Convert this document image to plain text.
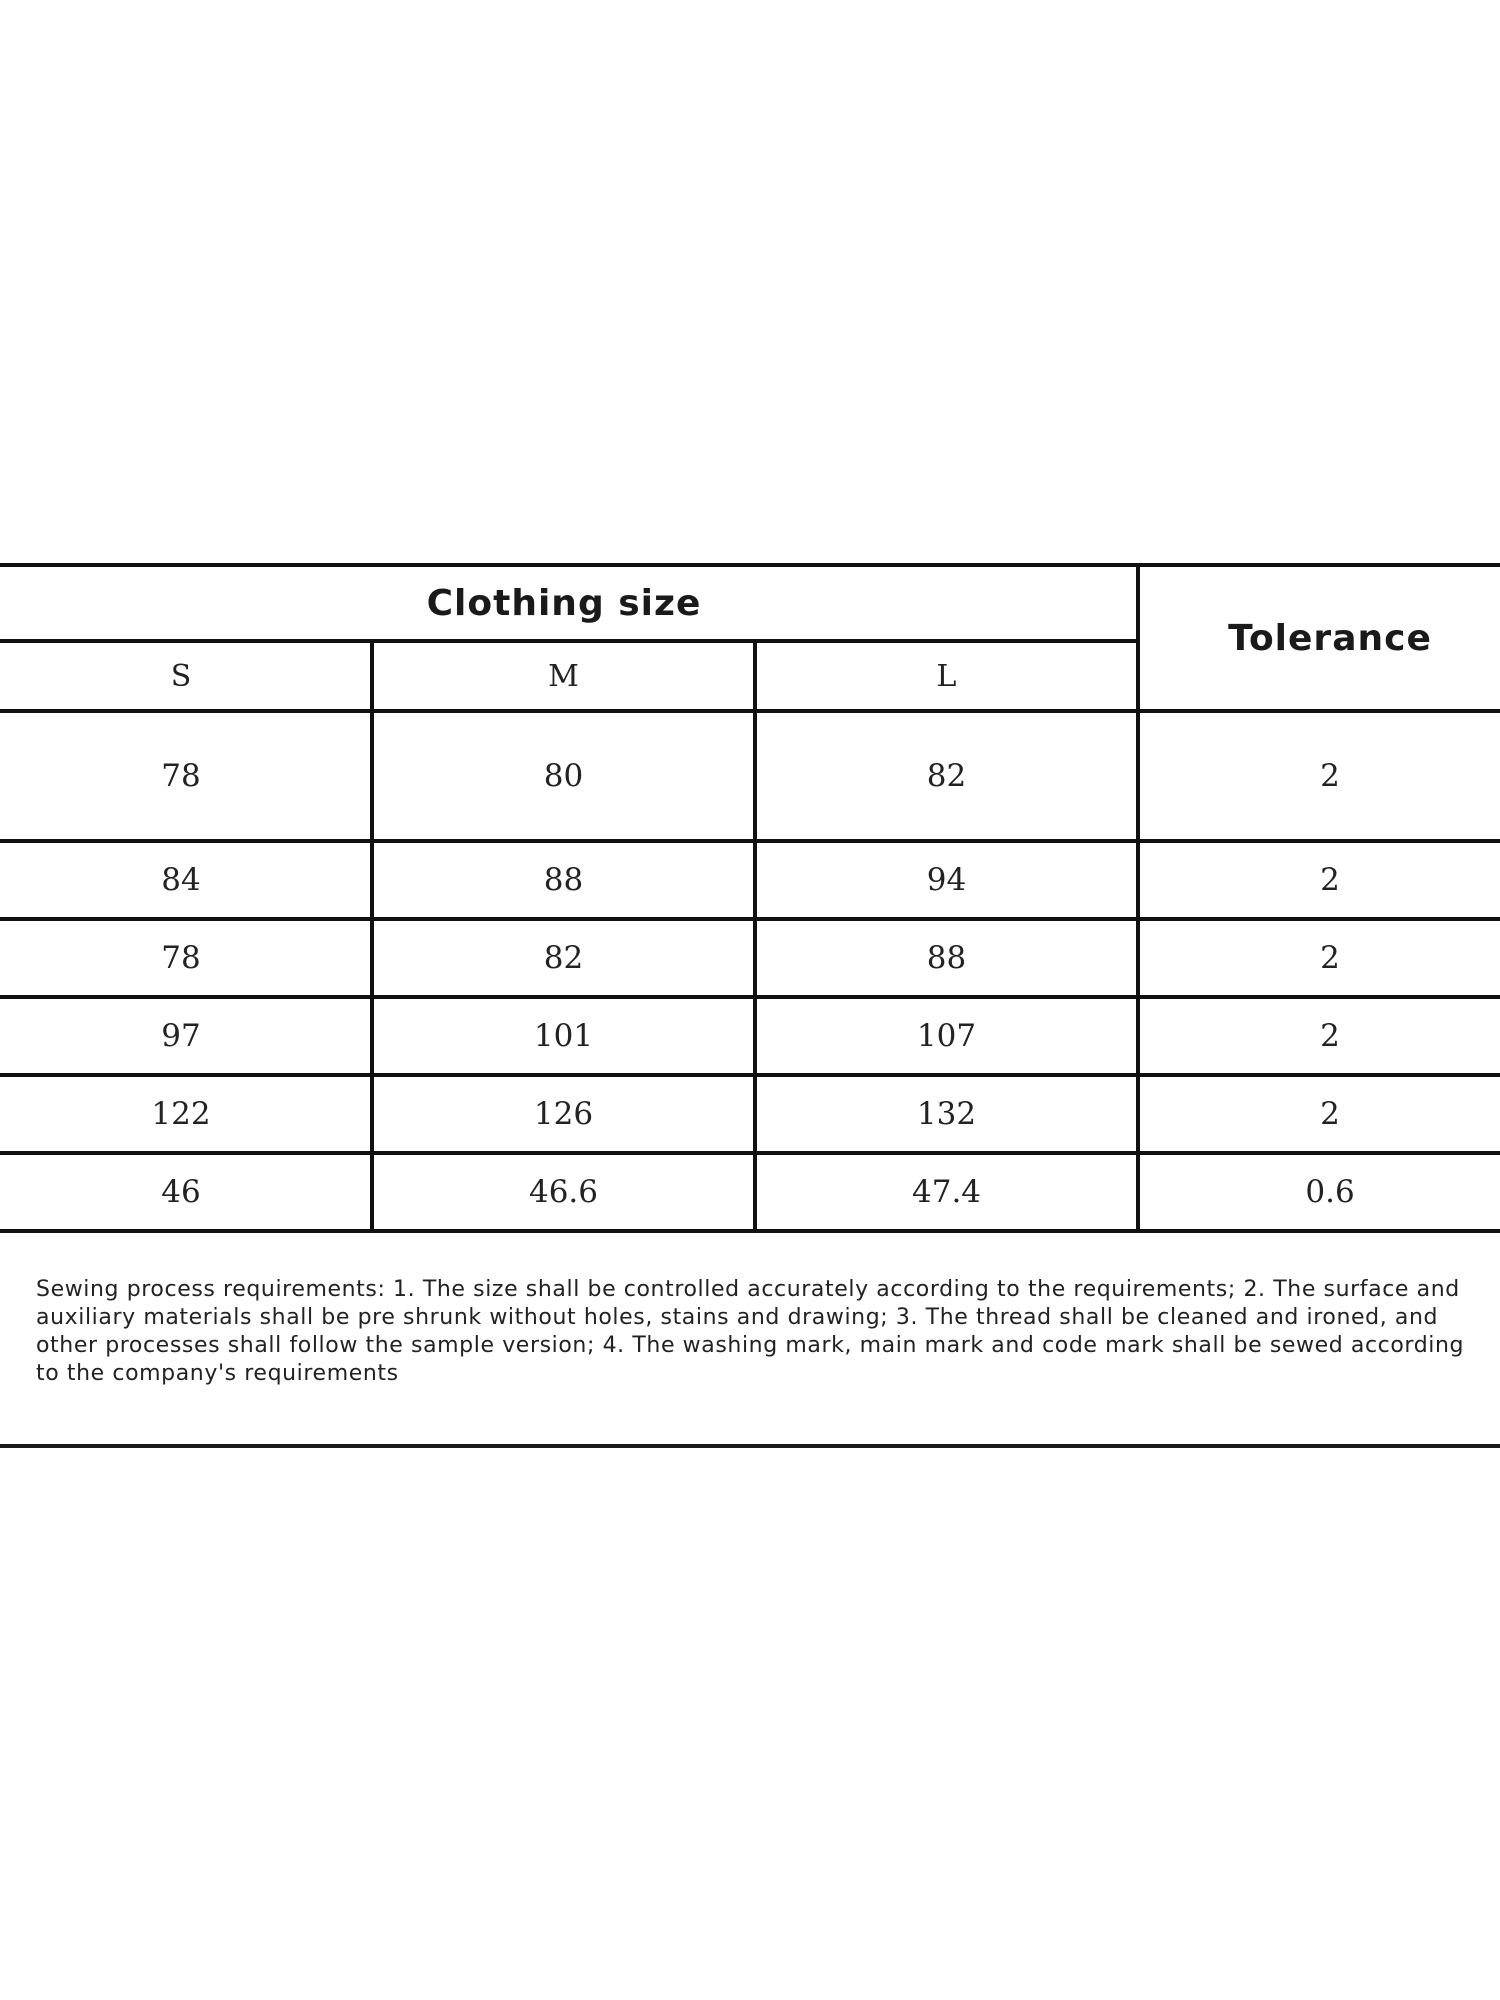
Clothing size			Tolerance
S	M	L	
78	80	82	2
84	88	94	2
78	82	88	2
97	101	107	2
122	126	132	2
46	46.6	47.4	0.6

Sewing process requirements: 1. The size shall be controlled accurately according to the requirements; 2. The surface and auxiliary materials shall be pre shrunk without holes, stains and drawing; 3. The thread shall be cleaned and ironed, and other processes shall follow the sample version; 4. The washing mark, main mark and code mark shall be sewed according to the company's requirements
